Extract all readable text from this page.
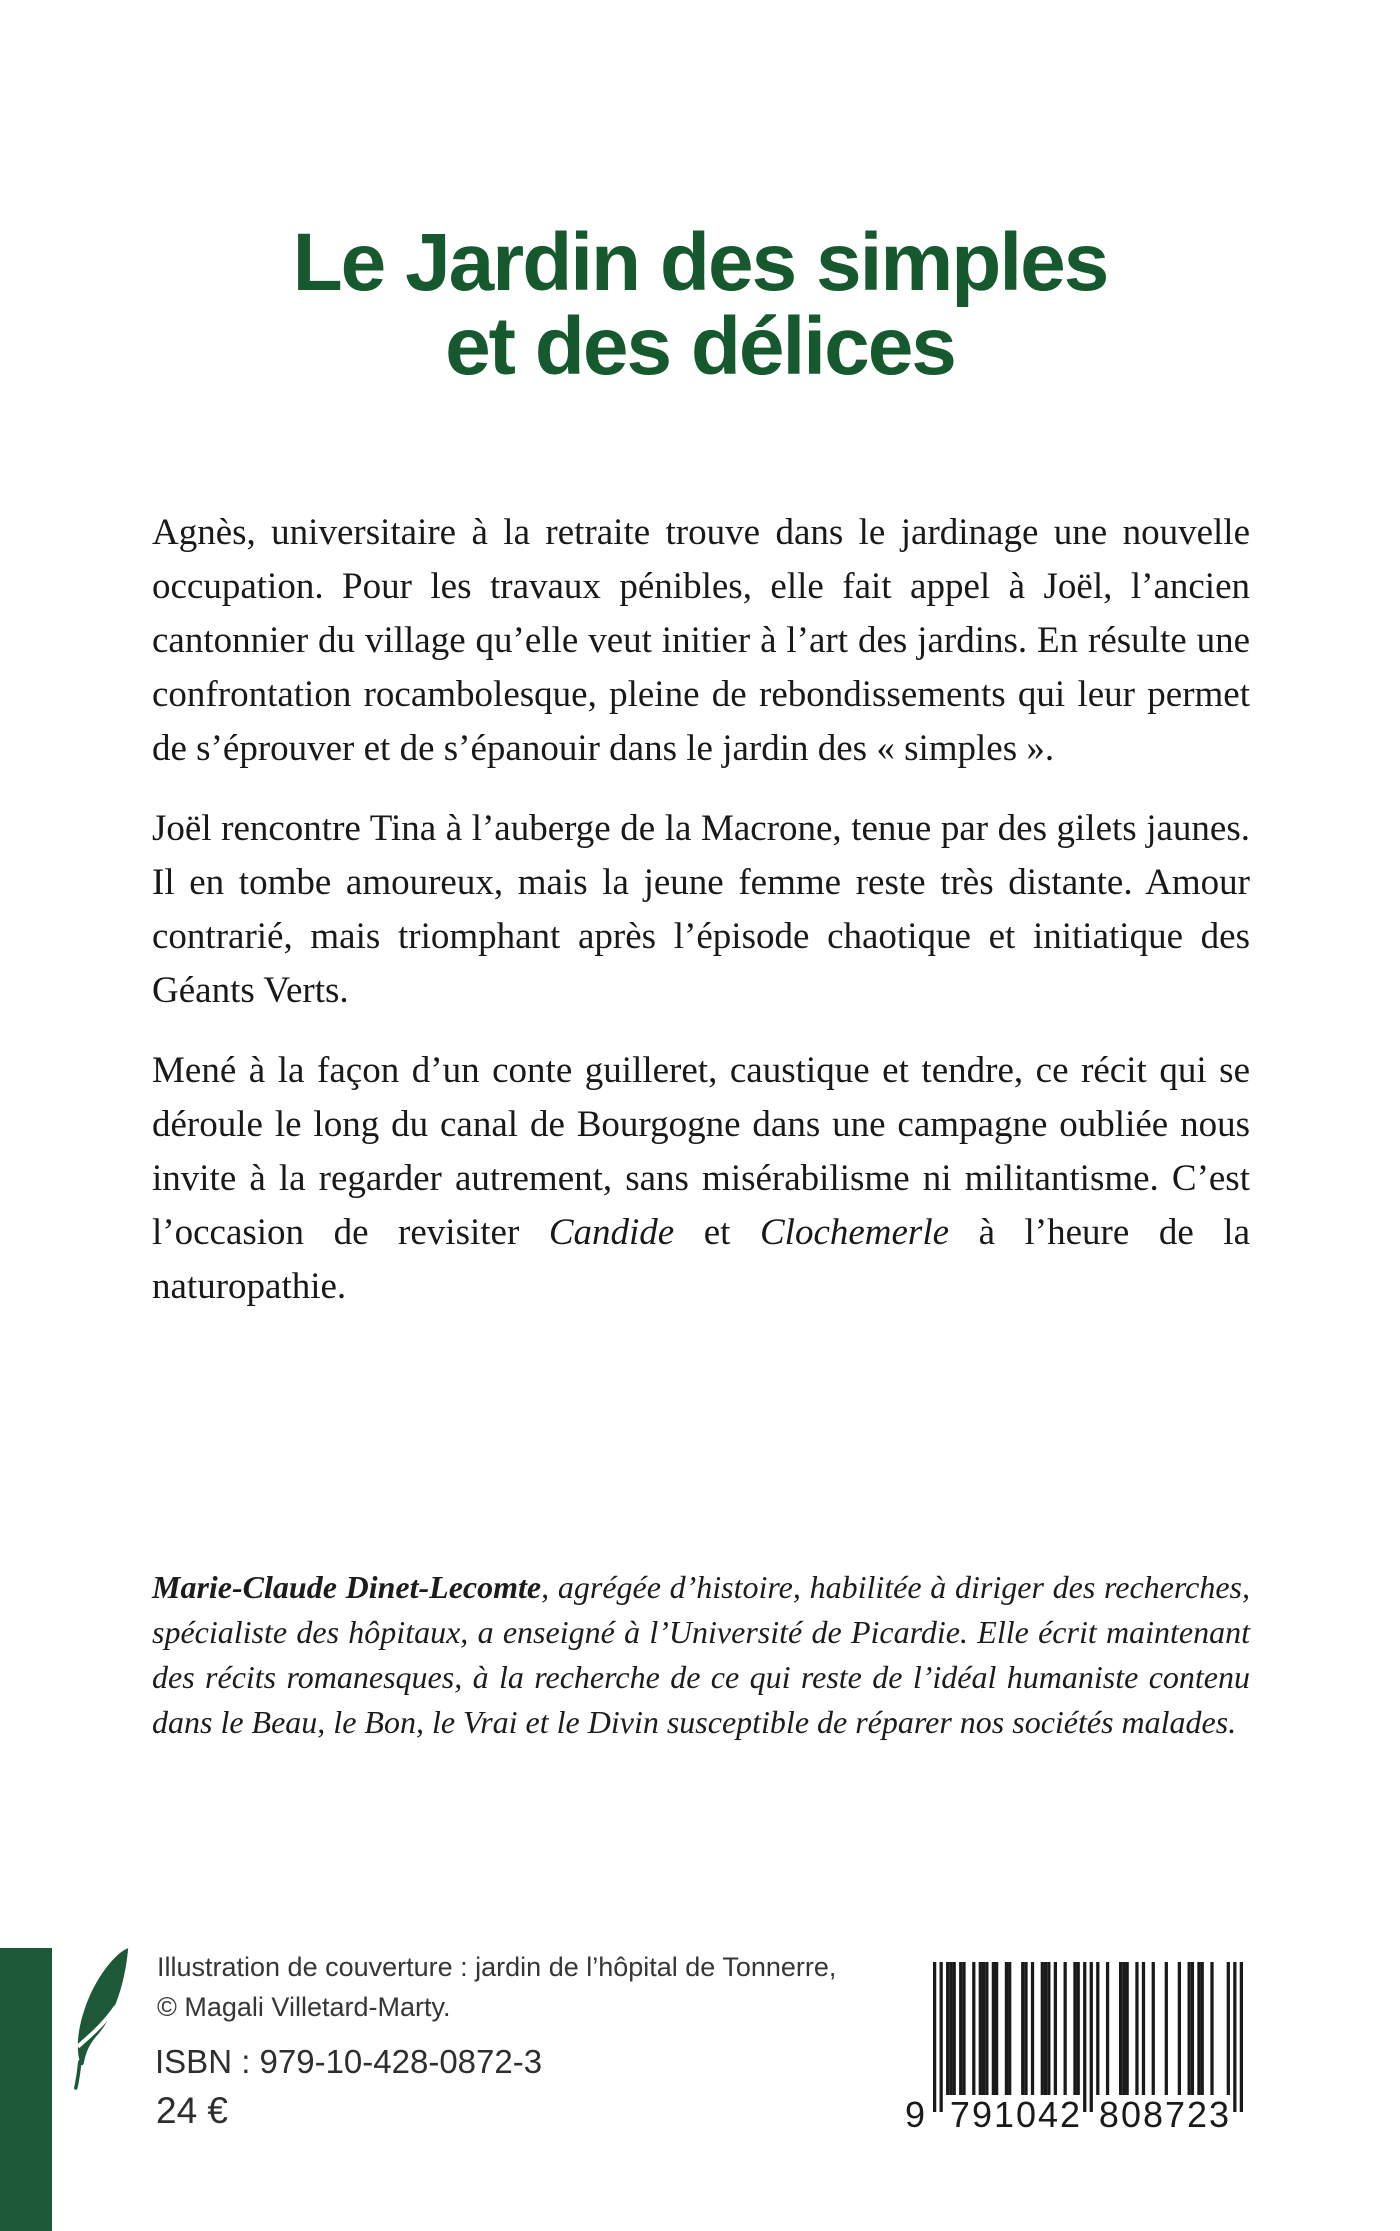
Le Jardin des simples
et des délices

Agnès, universitaire à la retraite trouve dans le jardinage une nouvelle occupation. Pour les travaux pénibles, elle fait appel à Joël, l’ancien cantonnier du village qu’elle veut initier à l’art des jardins. En résulte une confrontation rocambolesque, pleine de rebondissements qui leur permet de s’éprouver et de s’épanouir dans le jardin des « simples ».

Joël rencontre Tina à l’auberge de la Macrone, tenue par des gilets jaunes. Il en tombe amoureux, mais la jeune femme reste très distante. Amour contrarié, mais triomphant après l’épisode chaotique et initiatique des Géants Verts.

Mené à la façon d’un conte guilleret, caustique et tendre, ce récit qui se déroule le long du canal de Bourgogne dans une campagne oubliée nous invite à la regarder autrement, sans misérabilisme ni militantisme. C’est l’occasion de revisiter Candide et Clochemerle à l’heure de la naturopathie.

Marie-Claude Dinet-Lecomte, agrégée d’histoire, habilitée à diriger des recherches, spécialiste des hôpitaux, a enseigné à l’Université de Picardie. Elle écrit maintenant des récits romanesques, à la recherche de ce qui reste de l’idéal humaniste contenu dans le Beau, le Bon, le Vrai et le Divin susceptible de réparer nos sociétés malades.
Illustration de couverture : jardin de l’hôpital de Tonnerre,
© Magali Villetard-Marty.
ISBN : 979-10-428-0872-3
24 €	9 791042 808723
